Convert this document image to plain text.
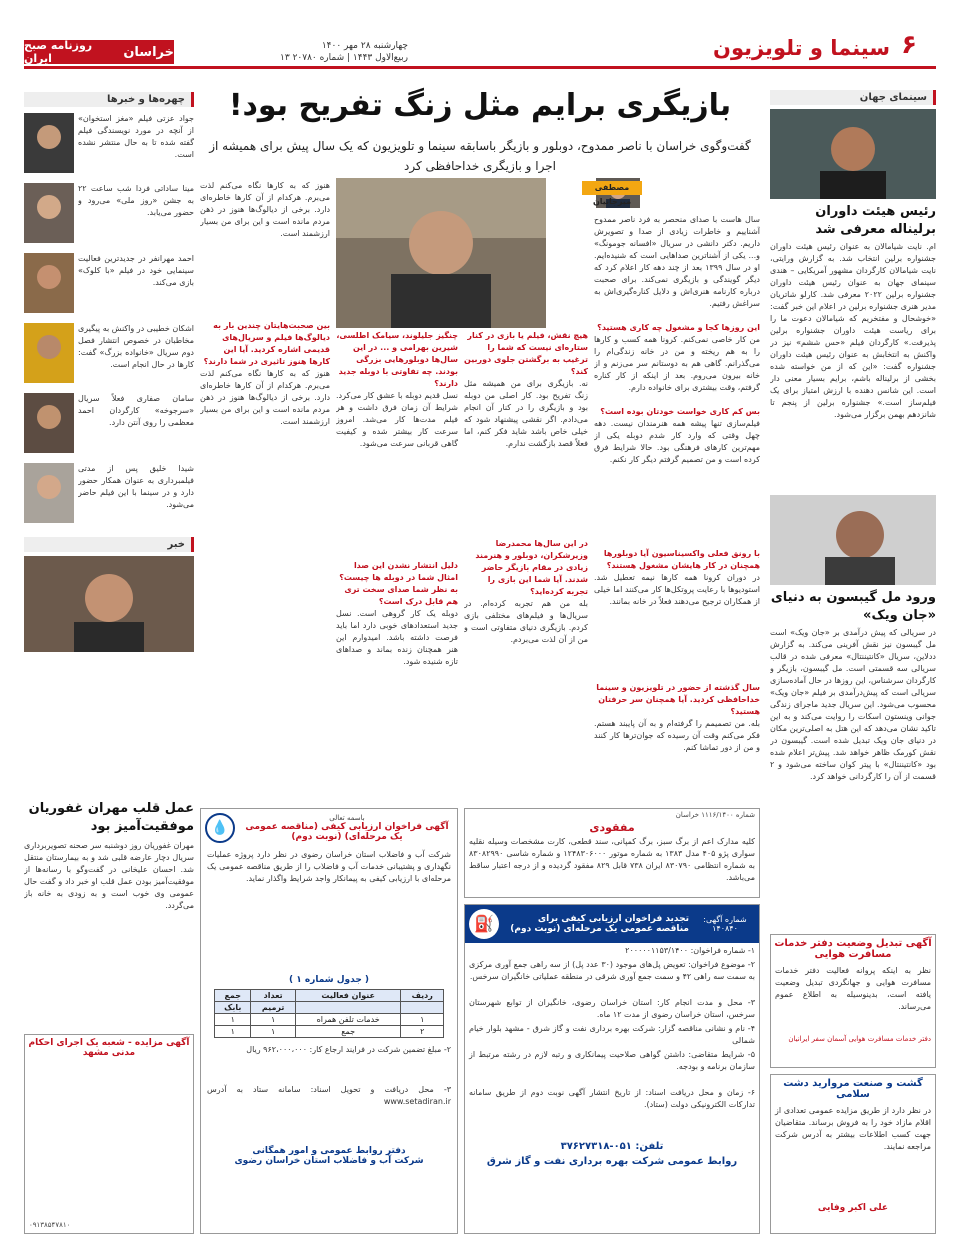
۶
سینما و تلویزیون
چهارشنبه ۲۸ مهر ۱۴۰۰
۱۳ ربیع‌الاول ۱۴۴۳ | شماره ۲۰۷۸۰
روزنامه صبح ایران	خراسان
سینمای جهان
رئیس هیئت داوران برلیناله معرفی شد
ام. نایت شیامالان به عنوان رئیس هیئت داوران جشنواره برلین انتخاب شد. به گزارش ورایتی، نایت شیامالان کارگردان مشهور آمریکایی – هندی سینمای جهان به عنوان رئیس هیئت داوران جشنواره برلین ۲۰۲۲ معرفی شد. کارلو شاتریان مدیر هنری جشنواره برلین در اعلام این خبر گفت: «خوشحال و مفتخریم که شیامالان دعوت ما را برای ریاست هیئت داوران جشنواره برلین پذیرفت.» کارگردان فیلم «حس ششم» نیز در واکنش به انتخابش به عنوان رئیس هیئت داوران جشنواره گفت: «این که از من خواسته شده بخشی از برلیناله باشم، برایم بسیار معنی دار است. این شانس دهنده با ارزش امتیاز برای یک فیلم‌ساز است.» جشنواره برلین از پنجم تا شانزدهم بهمن برگزار می‌شود.
ورود مل گیبسون به دنیای «جان ویک»
در سریالی که پیش درآمدی بر «جان ویک» است مل گیبسون نیز نقش آفرینی می‌کند. به گزارش ددلاین، سریال «کانتیننتال» معرفی شده در قالب سریالی سه قسمتی است. مل گیبسون، بازیگر و کارگردان سرشناس، این روزها در حال آماده‌سازی سریالی است که پیش‌درآمدی بر فیلم «جان ویک» محسوب می‌شود. این سریال جدید ماجرای زندگی جوانی وینستون اسکات را روایت می‌کند و به این تاکید نشان می‌دهد که این هتل به اصلی‌ترین مکان در دنیای جان ویک تبدیل شده است. گیبسون در نقش کورمک ظاهر خواهد شد. پیش‌تر اعلام شده بود «کانتیننتال» با پیتر کوان ساخته می‌شود و ۲ قسمت از آن را کارگردانی خواهد کرد.
بازیگری برایم مثل زنگ تفریح بود!
گفت‌وگوی خراسان با ناصر ممدوح، دوبلور و بازیگر باسابقه سینما و تلویزیون که یک سال پیش برای همیشه از اجرا و بازیگری خداحافظی کرد
مصطفی میرجانیان
سال هاست با صدای منحصر به فرد ناصر ممدوح آشناییم و خاطرات زیادی از صدا و تصویرش داریم. دکتر دانشی در سریال «افسانه جومونگ» و... یکی از آشناترین صداهایی است که شنیده‌ایم. او در سال ۱۳۹۹ بعد از چند دهه کار اعلام کرد که دیگر گویندگی و بازیگری نمی‌کند. برای صحبت درباره کارنامه هنری‌اش و دلایل کناره‌گیری‌اش به سراغش رفتیم.
این روزها کجا و مشغول چه کاری هستید؟
من کار خاصی نمی‌کنم. کرونا همه کسب و کارها را به هم ریخته و من در خانه زندگی‌ام را می‌گذرانم. گاهی هم به دوستانم سر می‌زنم و از خانه بیرون می‌روم. بعد از اینکه از کار کناره گرفتم، وقت بیشتری برای خانواده دارم.
بس کم کاری خواست خودتان بوده است؟
فیلم‌سازی تنها پیشه همه هنرمندان نیست. دهه چهل وقتی که وارد کار شدم دوبله یکی از مهم‌ترین کارهای فرهنگی بود. حالا شرایط فرق کرده است و من تصمیم گرفتم دیگر کار نکنم.
با رونق فعلی واکسیناسیون آیا دوبلورها همچنان در کار هایشان مشغول هستند؟
در دوران کرونا همه کارها نیمه تعطیل شد. استودیوها با رعایت پروتکل‌ها کار می‌کنند اما خیلی از همکاران ترجیح می‌دهند فعلاً در خانه بمانند.
سال گذشته از حضور در تلویزیون و سینما خداحافظی کردید. آیا همچنان سر حرفتان هستید؟
بله. من تصمیمم را گرفته‌ام و به آن پایبند هستم. فکر می‌کنم وقت آن رسیده که جوان‌ترها کار کنند و من از دور تماشا کنم.
هیچ نقش، فیلم یا بازی در کنار ستاره‌ای نیست که شما را ترغیب به برگشتن جلوی دوربین کند؟
نه. بازیگری برای من همیشه مثل زنگ تفریح بود. کار اصلی من دوبله بود و بازیگری را در کنار آن انجام می‌دادم. اگر نقشی پیشنهاد شود که خیلی خاص باشد شاید فکر کنم، اما فعلاً قصد بازگشت ندارم.
در این سال‌ها محمدرضا وزیرشکران، دوبلور و هنرمند زیادی در مقام بازیگر حاضر شدند. آیا شما این بازی را تجربه کرده‌اید؟
بله من هم تجربه کرده‌ام. در سریال‌ها و فیلم‌های مختلفی بازی کردم. بازیگری دنیای متفاوتی است و من از آن لذت می‌بردم.
چنگیز جلیلوند، سیامک اطلسی، شیرین بهرامی و ... در این سال‌ها دوبلورهایی بزرگی بودند. چه تفاوتی با دوبله جدید دارند؟
نسل قدیم دوبله با عشق کار می‌کرد. شرایط آن زمان فرق داشت و هر فیلم مدت‌ها کار می‌شد. امروز سرعت کار بیشتر شده و کیفیت گاهی قربانی سرعت می‌شود.
دلیل انتشار نشدن این صدا امثال شما در دوبله ها چیست؟ به نظر شما صدای سخت تری هم قابل درک است؟
دوبله یک کار گروهی است. نسل جدید استعدادهای خوبی دارد اما باید فرصت داشته باشد. امیدوارم این هنر همچنان زنده بماند و صداهای تازه شنیده شود.
هنوز که به کارها نگاه می‌کنم لذت می‌برم. هرکدام از آن کارها خاطره‌ای دارد. برخی از دیالوگ‌ها هنوز در ذهن مردم مانده است و این برای من بسیار ارزشمند است.
بین صحبت‌هایتان چندین بار به دیالوگ‌ها فیلم و سریال‌های قدیمی اشاره کردید. آیا این کارها هنوز تاثیری در شما دارند؟
هنوز که به کارها نگاه می‌کنم لذت می‌برم. هرکدام از آن کارها خاطره‌ای دارد. برخی از دیالوگ‌ها هنوز در ذهن مردم مانده است و این برای من بسیار ارزشمند است.
چهره‌ها و خبرها
جواد عزتی فیلم «مغز استخوان» از آنچه در مورد نویسندگی فیلم گفته شده تا به حال منتشر نشده است.
مینا ساداتی فردا شب ساعت ۲۲ به جشن «روز ملی» می‌رود و حضور می‌یابد.
احمد مهرانفر در جدیدترین فعالیت سینمایی خود در فیلم «با کلوک» بازی می‌کند.
اشکان خطیبی در واکنش به پیگیری مخاطبان در خصوص انتشار فصل دوم سریال «خانواده بزرگ» گفت: کارها در حال انجام است.
سامان صفاری فعلاً سریال «سرجوخه» کارگردان احمد معظمی را روی آنتن دارد.
شیدا خلیق پس از مدتی فیلمبرداری به عنوان همکار حضور دارد و در سینما با این فیلم حاضر می‌شود.
خبر
عمل قلب مهران غفوریان موفقیت‌آمیز بود
مهران غفوریان روز دوشنبه سر صحنه تصویربرداری سریال دچار عارضه قلبی شد و به بیمارستان منتقل شد. احسان علیخانی در گفت‌وگو با رسانه‌ها از موفقیت‌آمیز بودن عمل قلب او خبر داد و گفت حال عمومی وی خوب است و به زودی به خانه باز می‌گردد.
شماره ۱۱۱۶/۱۴۰۰ خراسان
مفقودی
کلیه مدارک اعم از برگ سبز، برگ کمپانی، سند قطعی، کارت مشخصات وسیله نقلیه سواری پژو ۴۰۵ مدل ۱۳۸۳ به شماره موتور ۱۲۴۸۳۰۶۰۰۰ و شماره شاسی ۸۳۰۸۲۹۹۰ به شماره انتظامی ۸۳۰۷۹۰ ایران ۷۳۸ قابل ۸۲۹ مفقود گردیده و از درجه اعتبار ساقط می‌باشد.
⛽	تجدید فراخوان ارزیابی کیفی برای مناقصه عمومی یک مرحله‌ای (نوبت دوم)
شماره آگهی: ۱۴۰۸۴۰
۱- شماره فراخوان: ۲۰۰۰۰۰۱۱۵۳/۱۴۰۰
۲- موضوع فراخوان: تعویض پل‌های موجود (۳۰ عدد پل) از سه راهی جمع آوری مرکزی به سمت سه راهی ۴۲ و سمت جمع آوری شرقی در منطقه عملیاتی خانگیران سرخس.
۳- محل و مدت انجام کار: استان خراسان رضوی، خانگیران از توابع شهرستان سرخس، استان خراسان رضوی از مدت ۱۲ ماه.
۴- نام و نشانی مناقصه گزار: شرکت بهره برداری نفت و گاز شرق - مشهد بلوار خیام شمالی
۵- شرایط متقاضی: داشتن گواهی صلاحیت پیمانکاری و رتبه لازم در رشته مرتبط از سازمان برنامه و بودجه.
۶- زمان و محل دریافت اسناد: از تاریخ انتشار آگهی نوبت دوم از طریق سامانه تدارکات الکترونیکی دولت (ستاد).
تلفن: ۰۵۱-۳۷۶۲۷۳۱۸
روابط عمومی شرکت بهره برداری نفت و گاز شرق
💧
باسمه تعالی
آگهی فراخوان ارزیابی کیفی (مناقصه عمومی یک مرحله‌ای) (نوبت دوم)
شرکت آب و فاضلاب استان خراسان رضوی در نظر دارد پروژه عملیات نگهداری و پشتیبانی خدمات آب و فاضلاب را از طریق مناقصه عمومی یک مرحله‌ای با ارزیابی کیفی به پیمانکار واجد شرایط واگذار نماید.
( جدول شماره ۱ )
ردیف	عنوان فعالیت	تعداد	جمع
		ترمیم	بابک
۱	خدمات تلفن همراه	۱	۱
۲	جمع	۱	۱
۲- مبلغ تضمین شرکت در فرایند ارجاع کار: ۹۶۲،۰۰۰،۰۰۰ ریال
۳- محل دریافت و تحویل اسناد: سامانه ستاد به آدرس www.setadiran.ir
دفتر روابط عمومی و امور همگانی
شرکت آب و فاضلاب استان خراسان رضوی
آگهی تبدیل وضعیت دفتر خدمات مسافرت هوایی
نظر به اینکه پروانه فعالیت دفتر خدمات مسافرت هوایی و جهانگردی تبدیل وضعیت یافته است، بدینوسیله به اطلاع عموم می‌رساند.
دفتر خدمات مسافرت هوایی آسمان سفر ایرانیان
گشت و صنعت مروارید دشت سلامی
در نظر دارد از طریق مزایده عمومی تعدادی از اقلام مازاد خود را به فروش برساند. متقاضیان جهت کسب اطلاعات بیشتر به آدرس شرکت مراجعه نمایند.
علی اکبر وفایی
آگهی مزایده - شعبه یک اجرای احکام مدنی مشهد
۰۹۱۳۸۵۴۷۸۱۰
